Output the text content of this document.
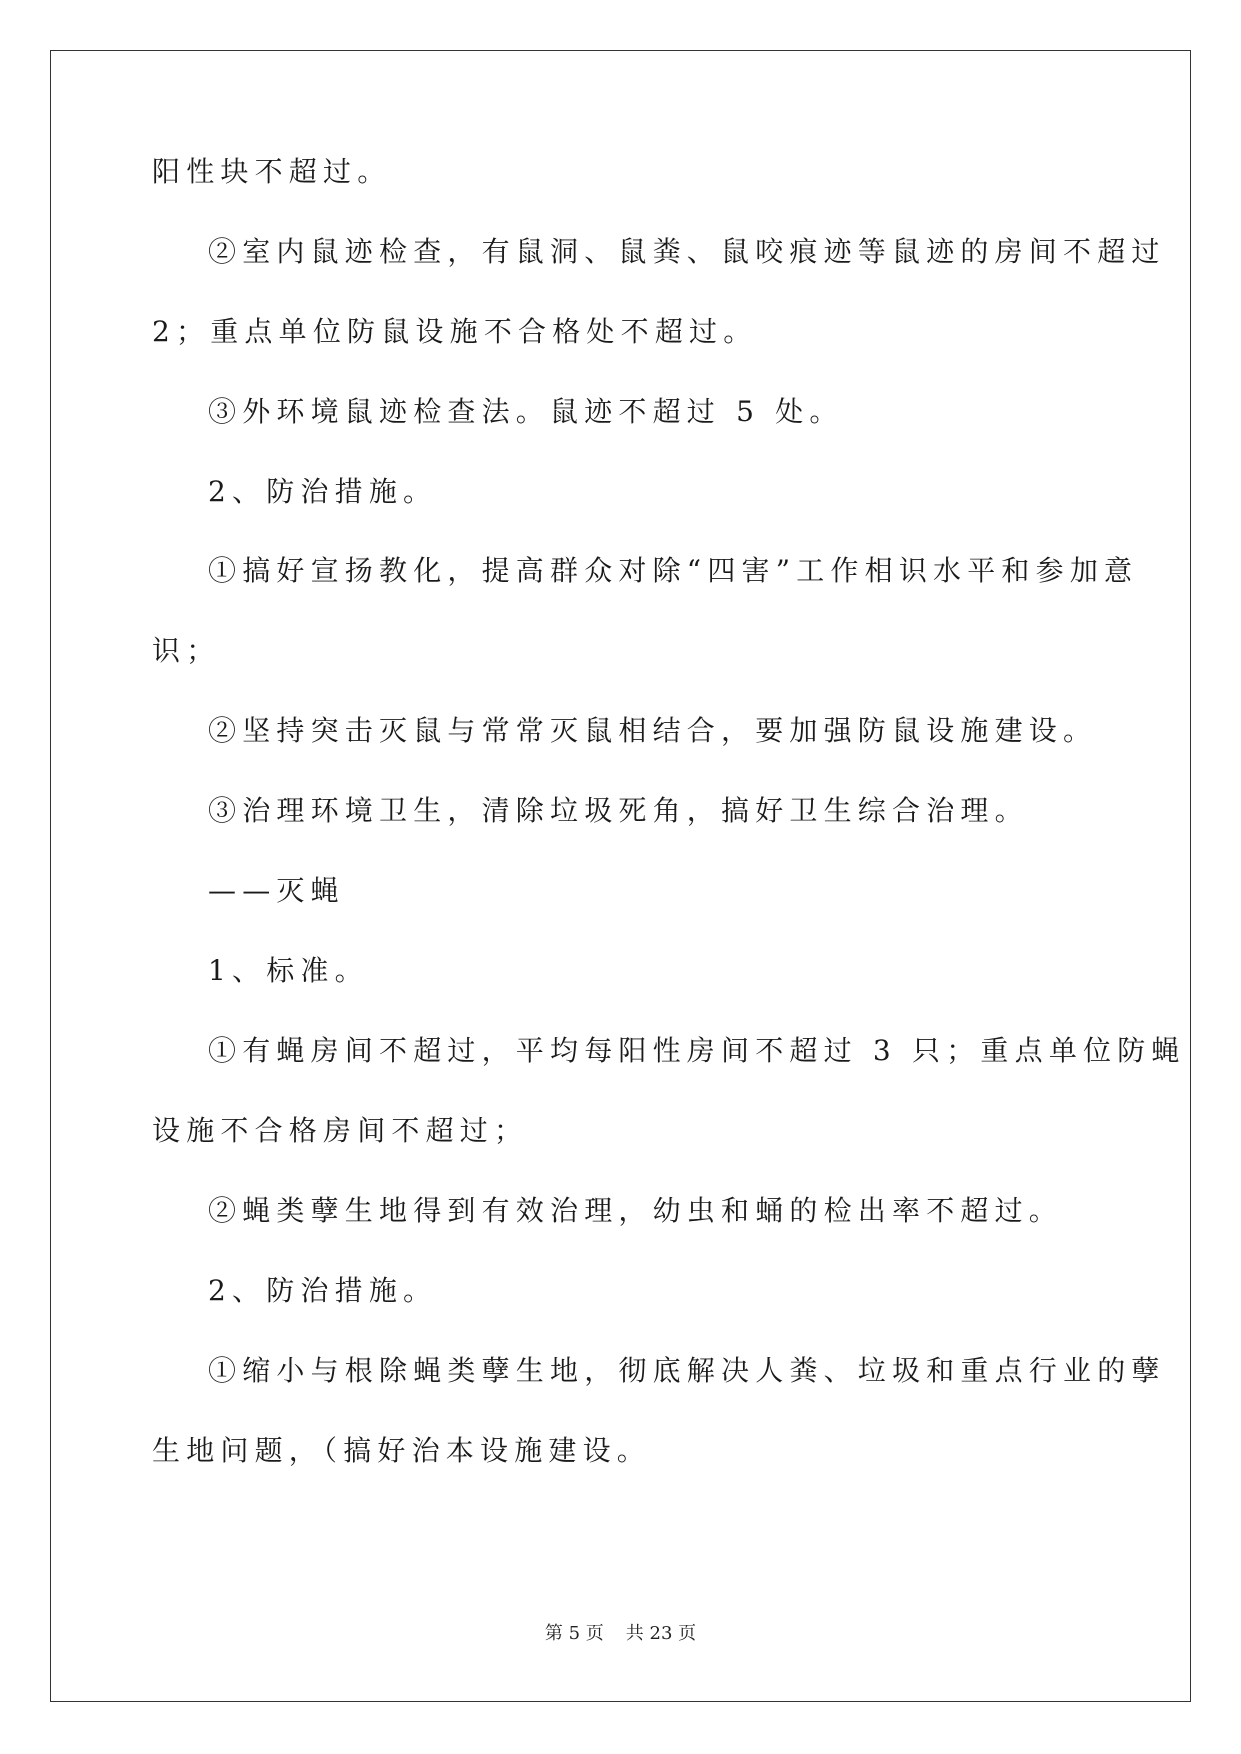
阳性块不超过。
②室内鼠迹检查，有鼠洞、鼠粪、鼠咬痕迹等鼠迹的房间不超过
2；重点单位防鼠设施不合格处不超过。
③外环境鼠迹检查法。鼠迹不超过 5 处。
2、防治措施。
①搞好宣扬教化，提高群众对除“四害”工作相识水平和参加意
识；
②坚持突击灭鼠与常常灭鼠相结合，要加强防鼠设施建设。
③治理环境卫生，清除垃圾死角，搞好卫生综合治理。
——灭蝇
1、标准。
①有蝇房间不超过，平均每阳性房间不超过 3 只；重点单位防蝇
设施不合格房间不超过；
②蝇类孽生地得到有效治理，幼虫和蛹的检出率不超过。
2、防治措施。
①缩小与根除蝇类孽生地，彻底解决人粪、垃圾和重点行业的孽
生地问题，（搞好治本设施建设。
第 5 页 共 23 页
